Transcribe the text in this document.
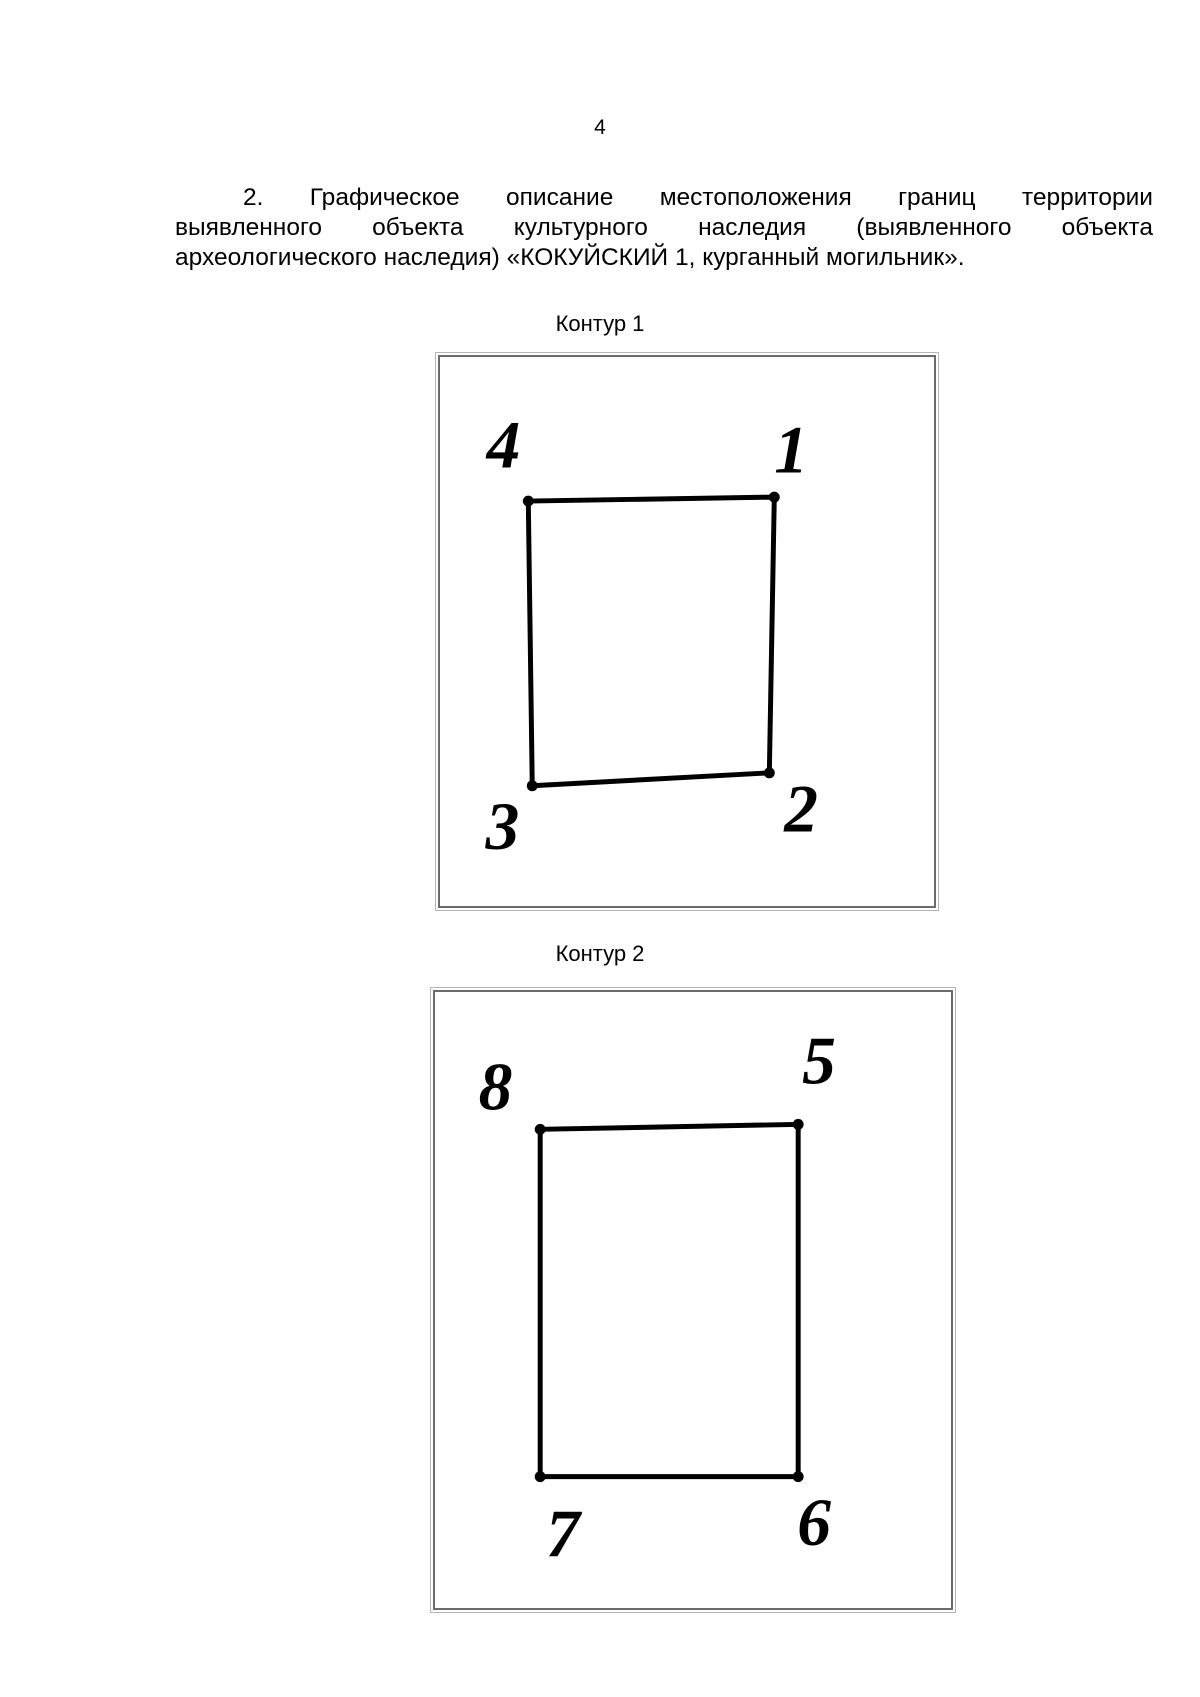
4
2. Графическое описание местоположения границ территории
выявленного объекта культурного наследия (выявленного объекта
археологического наследия) «КОКУЙСКИЙ 1, курганный могильник».
Контур 1
1
2
3
4
Контур 2
5
6
7
8
